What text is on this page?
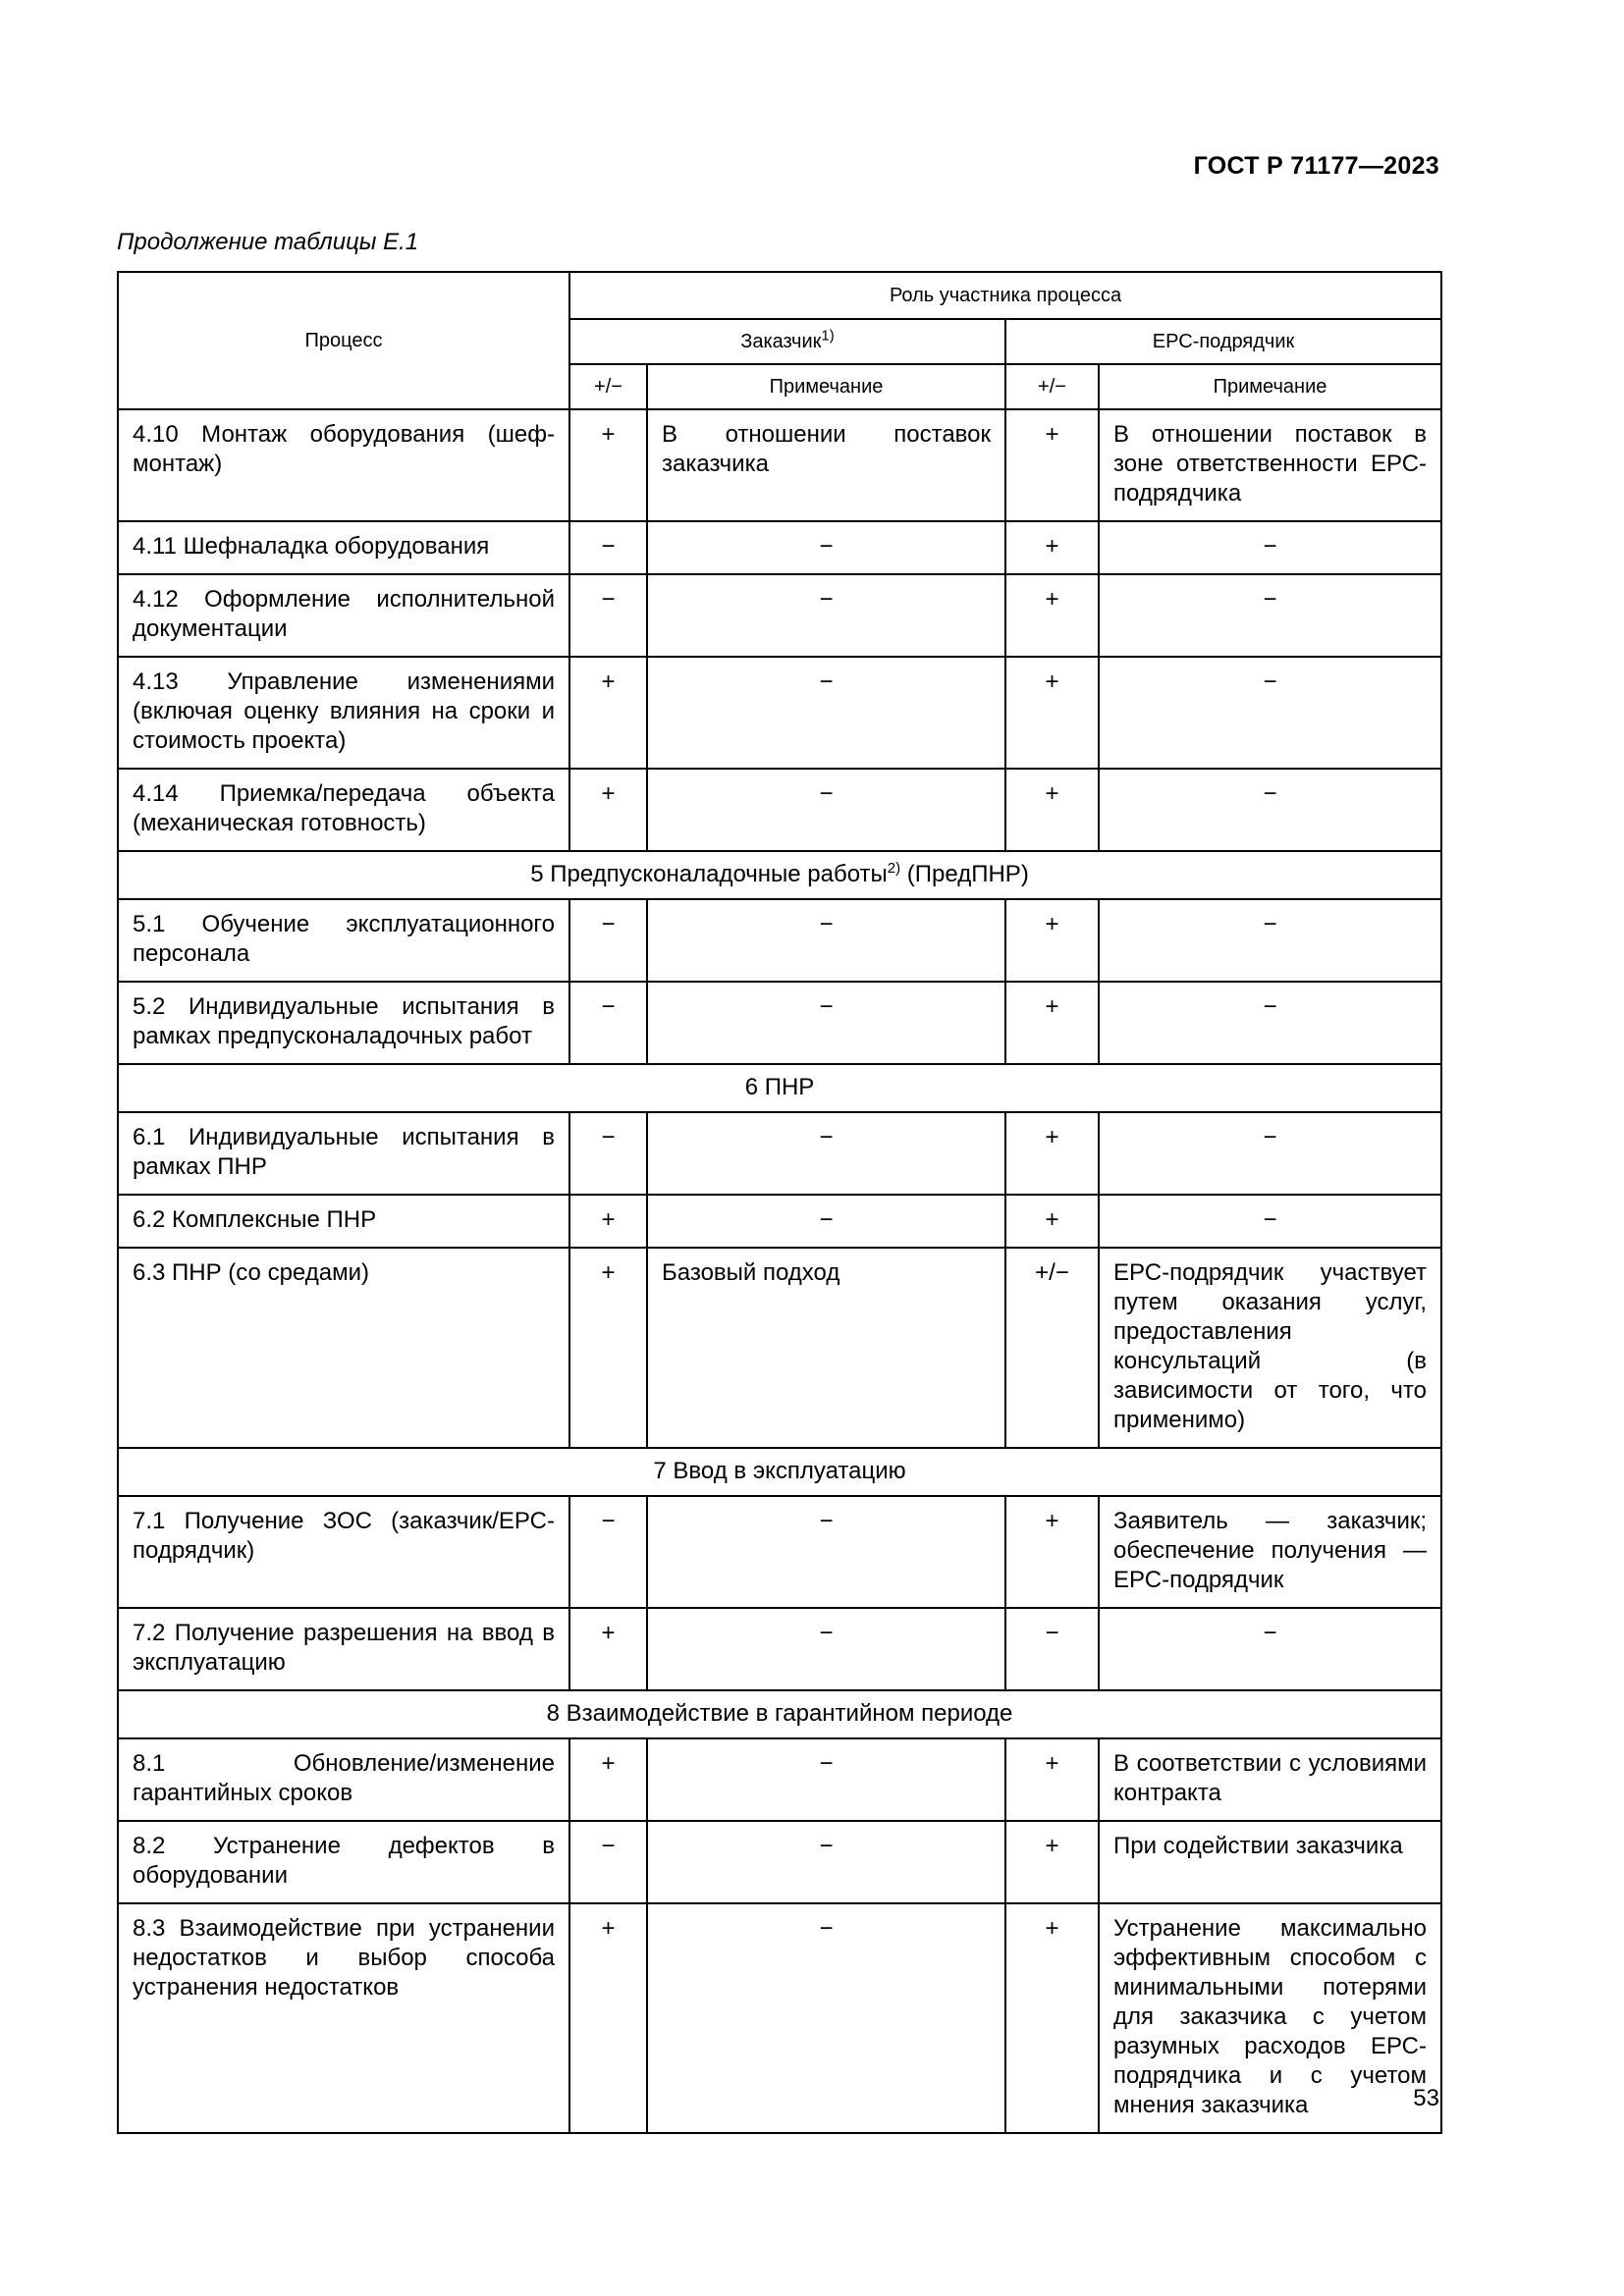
ГОСТ Р 71177—2023
Продолжение таблицы Е.1
Процесс	Роль участника процесса			
	Заказчик$^{1)}$		ЕРС-подрядчик	
	+/−	Примечание	+/−	Примечание
4.10 Монтаж оборудования (шеф-монтаж)	+	В отношении поставок заказчика	+	В отношении поставок в зоне ответственности ЕРС-подрядчика
4.11 Шефналадка оборудования	−	−	+	−
4.12 Оформление исполнительной документации	−	−	+	−
4.13 Управление изменениями (включая оценку влияния на сроки и стоимость проекта)	+	−	+	−
4.14 Приемка/передача объекта (механическая готовность)	+	−	+	−
5 Предпусконаладочные работы$^{2)}$ (ПредПНР)				
5.1 Обучение эксплуатационного персонала	−	−	+	−
5.2 Индивидуальные испытания в рамках предпусконаладочных работ	−	−	+	−
6 ПНР				
6.1 Индивидуальные испытания в рамках ПНР	−	−	+	−
6.2 Комплексные ПНР	+	−	+	−
6.3 ПНР (со средами)	+	Базовый подход	+/−	ЕРС-подрядчик участвует путем оказания услуг, предоставления консультаций (в зависимости от того, что применимо)
7 Ввод в эксплуатацию				
7.1 Получение ЗОС (заказчик/ЕРС-подрядчик)	−	−	+	Заявитель — заказчик; обеспечение получения — ЕРС-подрядчик
7.2 Получение разрешения на ввод в эксплуатацию	+	−	−	−
8 Взаимодействие в гарантийном периоде				
8.1 Обновление/изменение гарантийных сроков	+	−	+	В соответствии с условиями контракта
8.2 Устранение дефектов в оборудовании	−	−	+	При содействии заказчика
8.3 Взаимодействие при устранении недостатков и выбор способа устранения недостатков	+	−	+	Устранение максимально эффективным способом с минимальными потерями для заказчика с учетом разумных расходов ЕРС-подрядчика и с учетом мнения заказчика	53
